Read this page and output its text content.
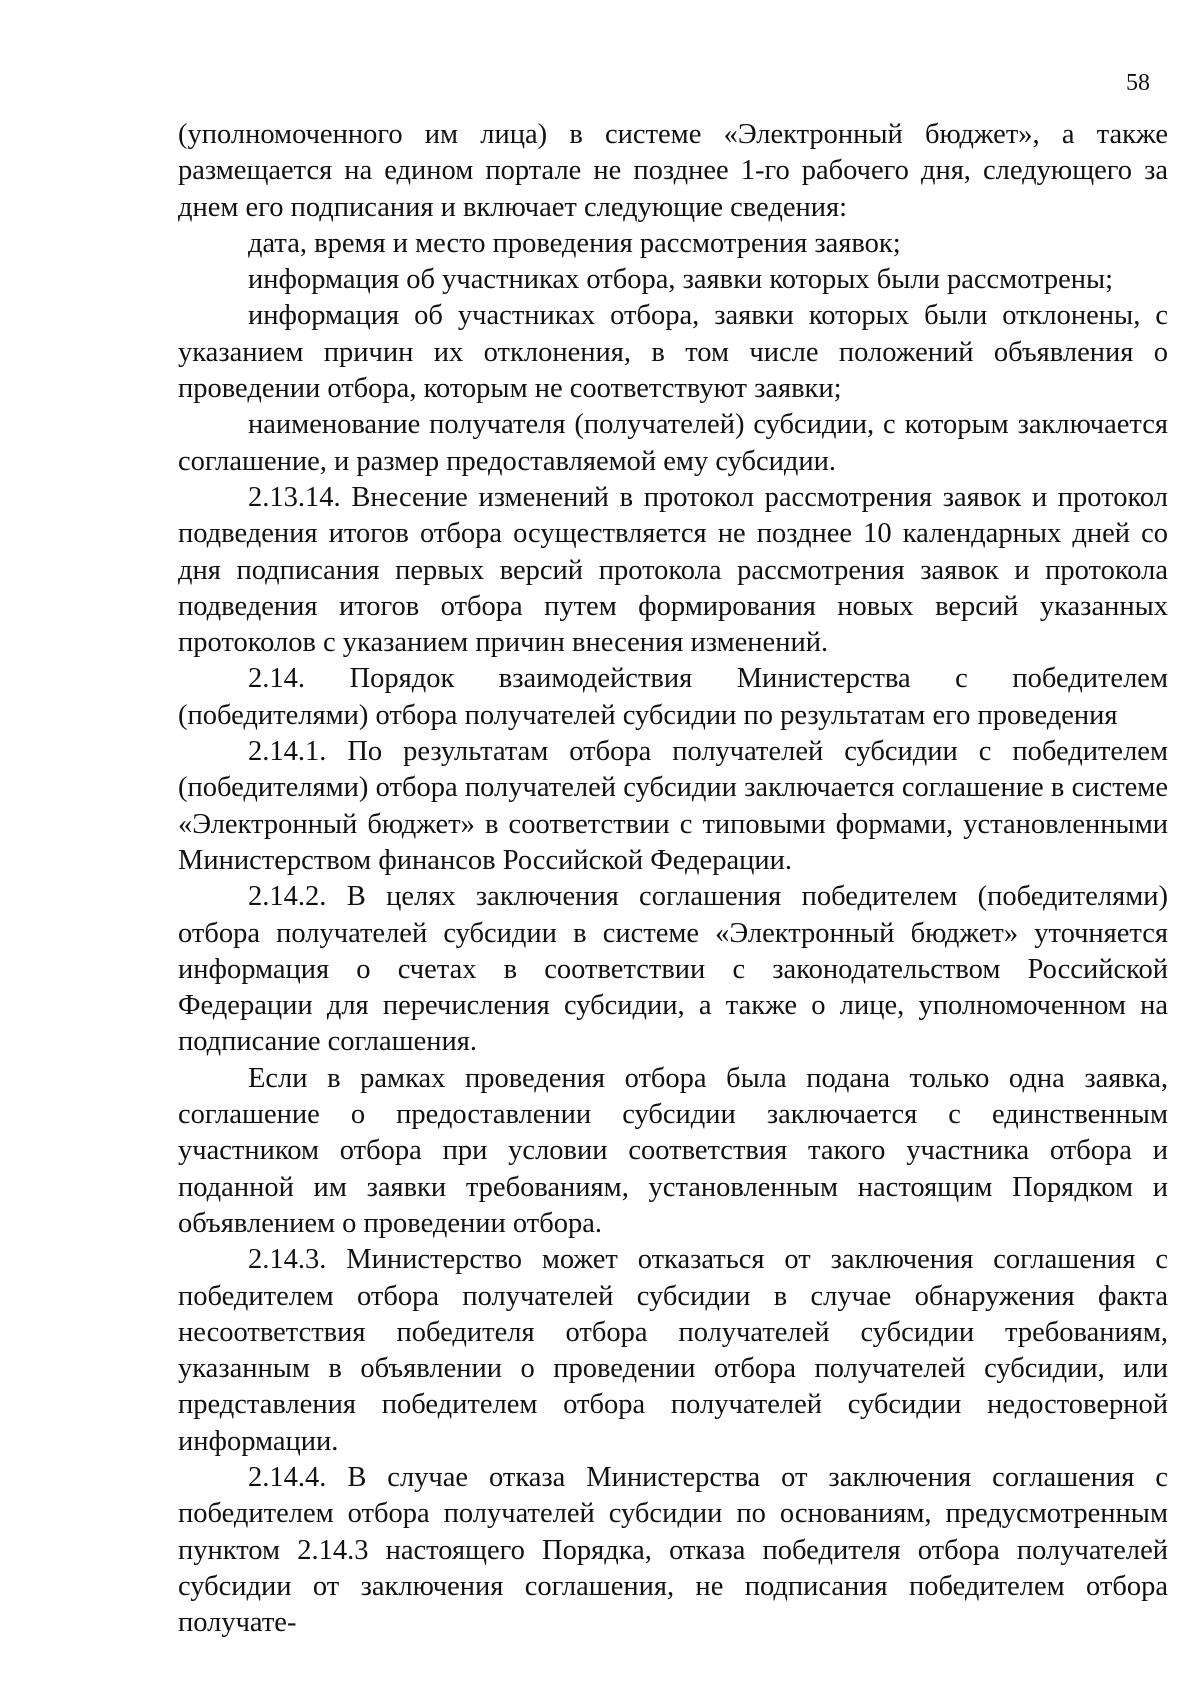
58

(уполномоченного им лица) в системе «Электронный бюджет», а также размещается на едином портале не позднее 1-го рабочего дня, следующего за днем его подписания и включает следующие сведения:

дата, время и место проведения рассмотрения заявок;

информация об участниках отбора, заявки которых были рассмотрены;

информация об участниках отбора, заявки которых были отклонены, с указанием причин их отклонения, в том числе положений объявления о проведении отбора, которым не соответствуют заявки;

наименование получателя (получателей) субсидии, с которым заключается соглашение, и размер предоставляемой ему субсидии.

2.13.14. Внесение изменений в протокол рассмотрения заявок и протокол подведения итогов отбора осуществляется не позднее 10 календарных дней со дня подписания первых версий протокола рассмотрения заявок и протокола подведения итогов отбора путем формирования новых версий указанных протоколов с указанием причин внесения изменений.

2.14. Порядок взаимодействия Министерства с победителем (победителями) отбора получателей субсидии по результатам его проведения

2.14.1. По результатам отбора получателей субсидии с победителем (победителями) отбора получателей субсидии заключается соглашение в системе «Электронный бюджет» в соответствии с типовыми формами, установленными Министерством финансов Российской Федерации.

2.14.2. В целях заключения соглашения победителем (победителями) отбора получателей субсидии в системе «Электронный бюджет» уточняется информация о счетах в соответствии с законодательством Российской Федерации для перечисления субсидии, а также о лице, уполномоченном на подписание соглашения.

Если в рамках проведения отбора была подана только одна заявка, соглашение о предоставлении субсидии заключается с единственным участником отбора при условии соответствия такого участника отбора и поданной им заявки требованиям, установленным настоящим Порядком и объявлением о проведении отбора.

2.14.3. Министерство может отказаться от заключения соглашения с победителем отбора получателей субсидии в случае обнаружения факта несоответствия победителя отбора получателей субсидии требованиям, указанным в объявлении о проведении отбора получателей субсидии, или представления победителем отбора получателей субсидии недостоверной информации.

2.14.4. В случае отказа Министерства от заключения соглашения с победителем отбора получателей субсидии по основаниям, предусмотренным пунктом 2.14.3 настоящего Порядка, отказа победителя отбора получателей субсидии от заключения соглашения, не подписания победителем отбора получате-
